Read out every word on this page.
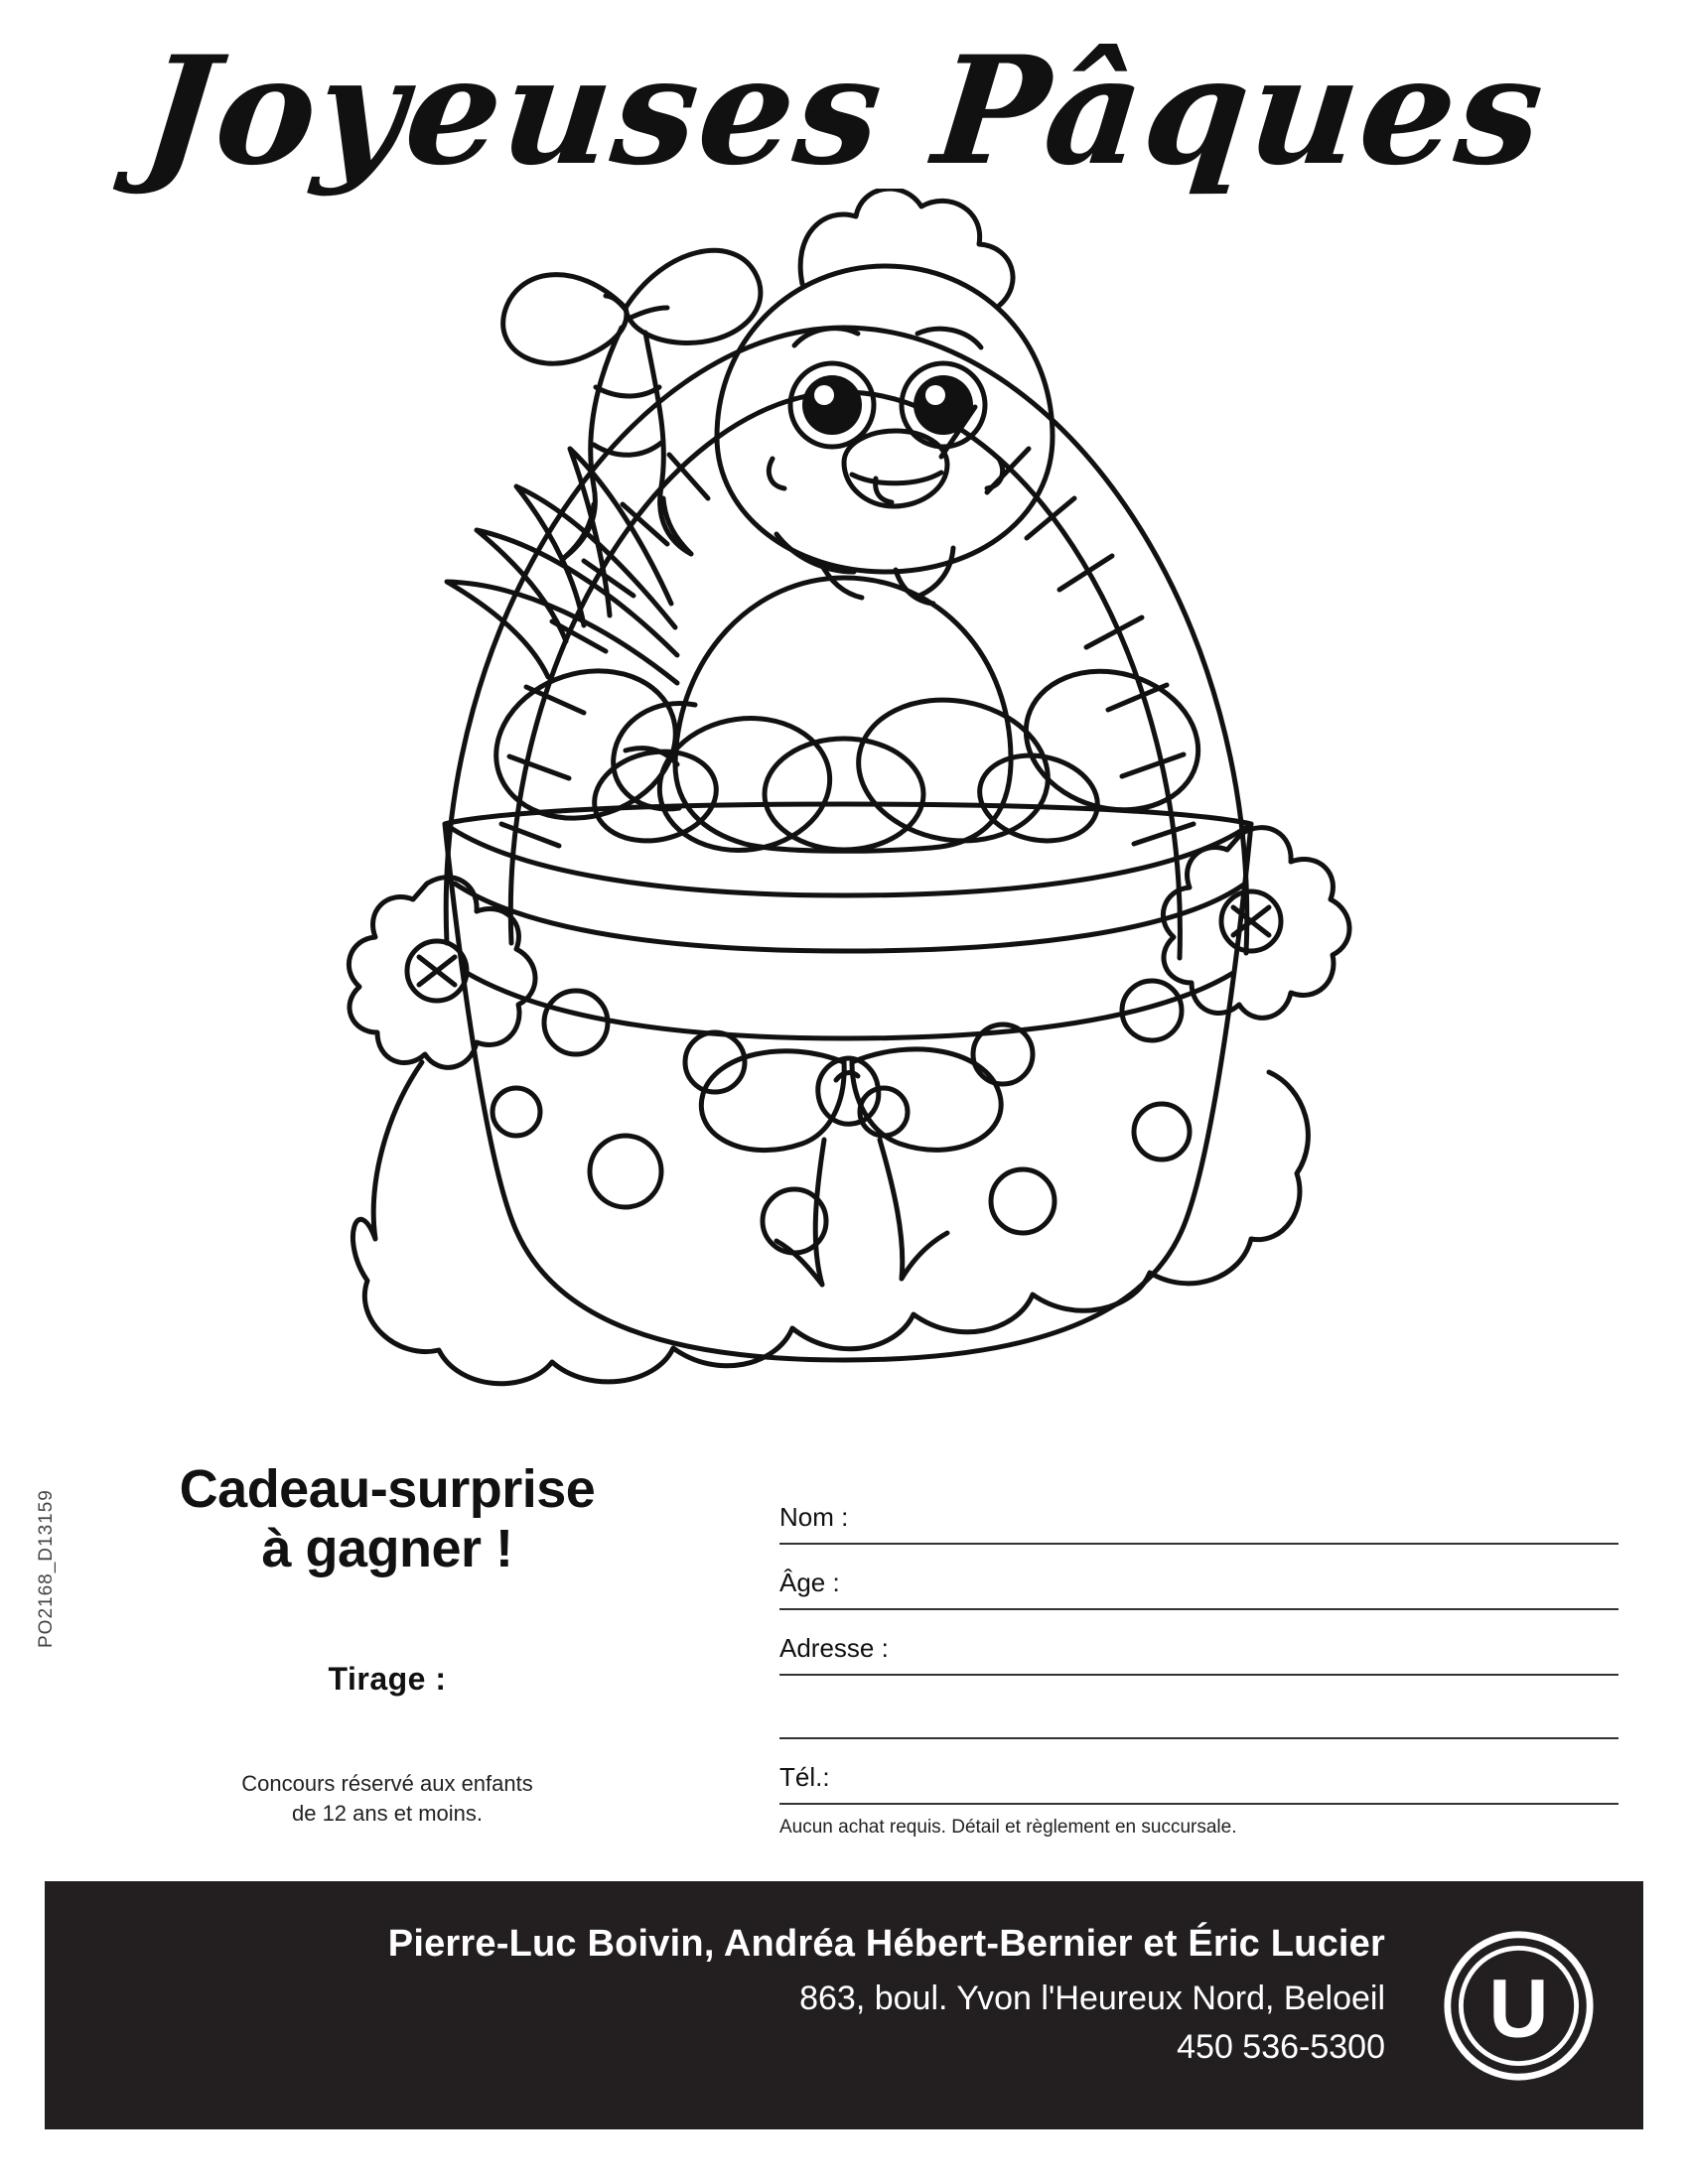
Joyeuses Pâques
PO2168_D13159
Cadeau-surprise
à gagner !
Tirage :
Concours réservé aux enfants
de 12 ans et moins.
Nom :
Âge :
Adresse :
Tél.:
Aucun achat requis. Détail et règlement en succursale.
Pierre-Luc Boivin, Andréa Hébert-Bernier et Éric Lucier
863, boul. Yvon l'Heureux Nord, Beloeil
450 536-5300 U
